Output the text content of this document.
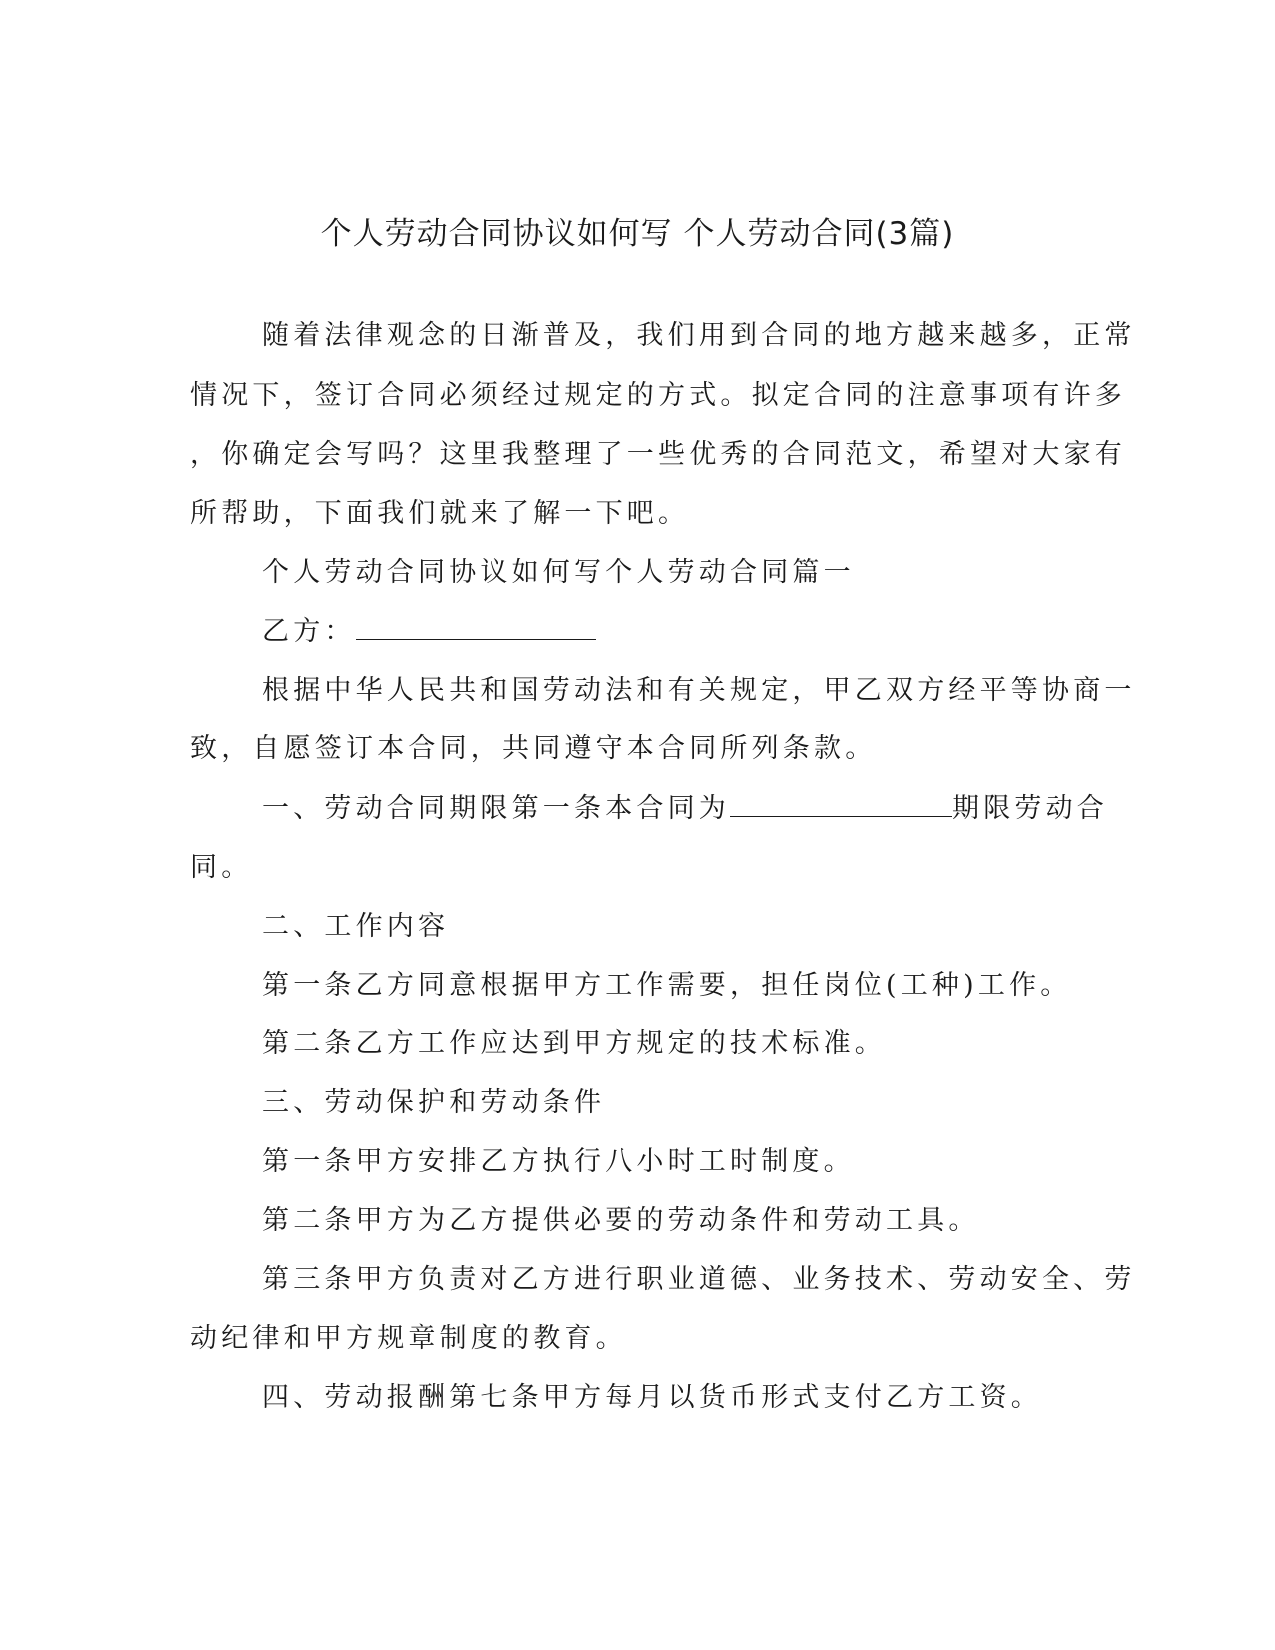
个人劳动合同协议如何写 个人劳动合同(3篇)
随着法律观念的日渐普及，我们用到合同的地方越来越多，正常
情况下，签订合同必须经过规定的方式。拟定合同的注意事项有许多
，你确定会写吗？这里我整理了一些优秀的合同范文，希望对大家有
所帮助，下面我们就来了解一下吧。
个人劳动合同协议如何写个人劳动合同篇一
乙方：
根据中华人民共和国劳动法和有关规定，甲乙双方经平等协商一
致，自愿签订本合同，共同遵守本合同所列条款。
一、劳动合同期限第一条本合同为	期限劳动合
同。
二、工作内容
第一条乙方同意根据甲方工作需要，担任岗位(工种)工作。
第二条乙方工作应达到甲方规定的技术标准。
三、劳动保护和劳动条件
第一条甲方安排乙方执行八小时工时制度。
第二条甲方为乙方提供必要的劳动条件和劳动工具。
第三条甲方负责对乙方进行职业道德、业务技术、劳动安全、劳
动纪律和甲方规章制度的教育。
四、劳动报酬第七条甲方每月以货币形式支付乙方工资。
